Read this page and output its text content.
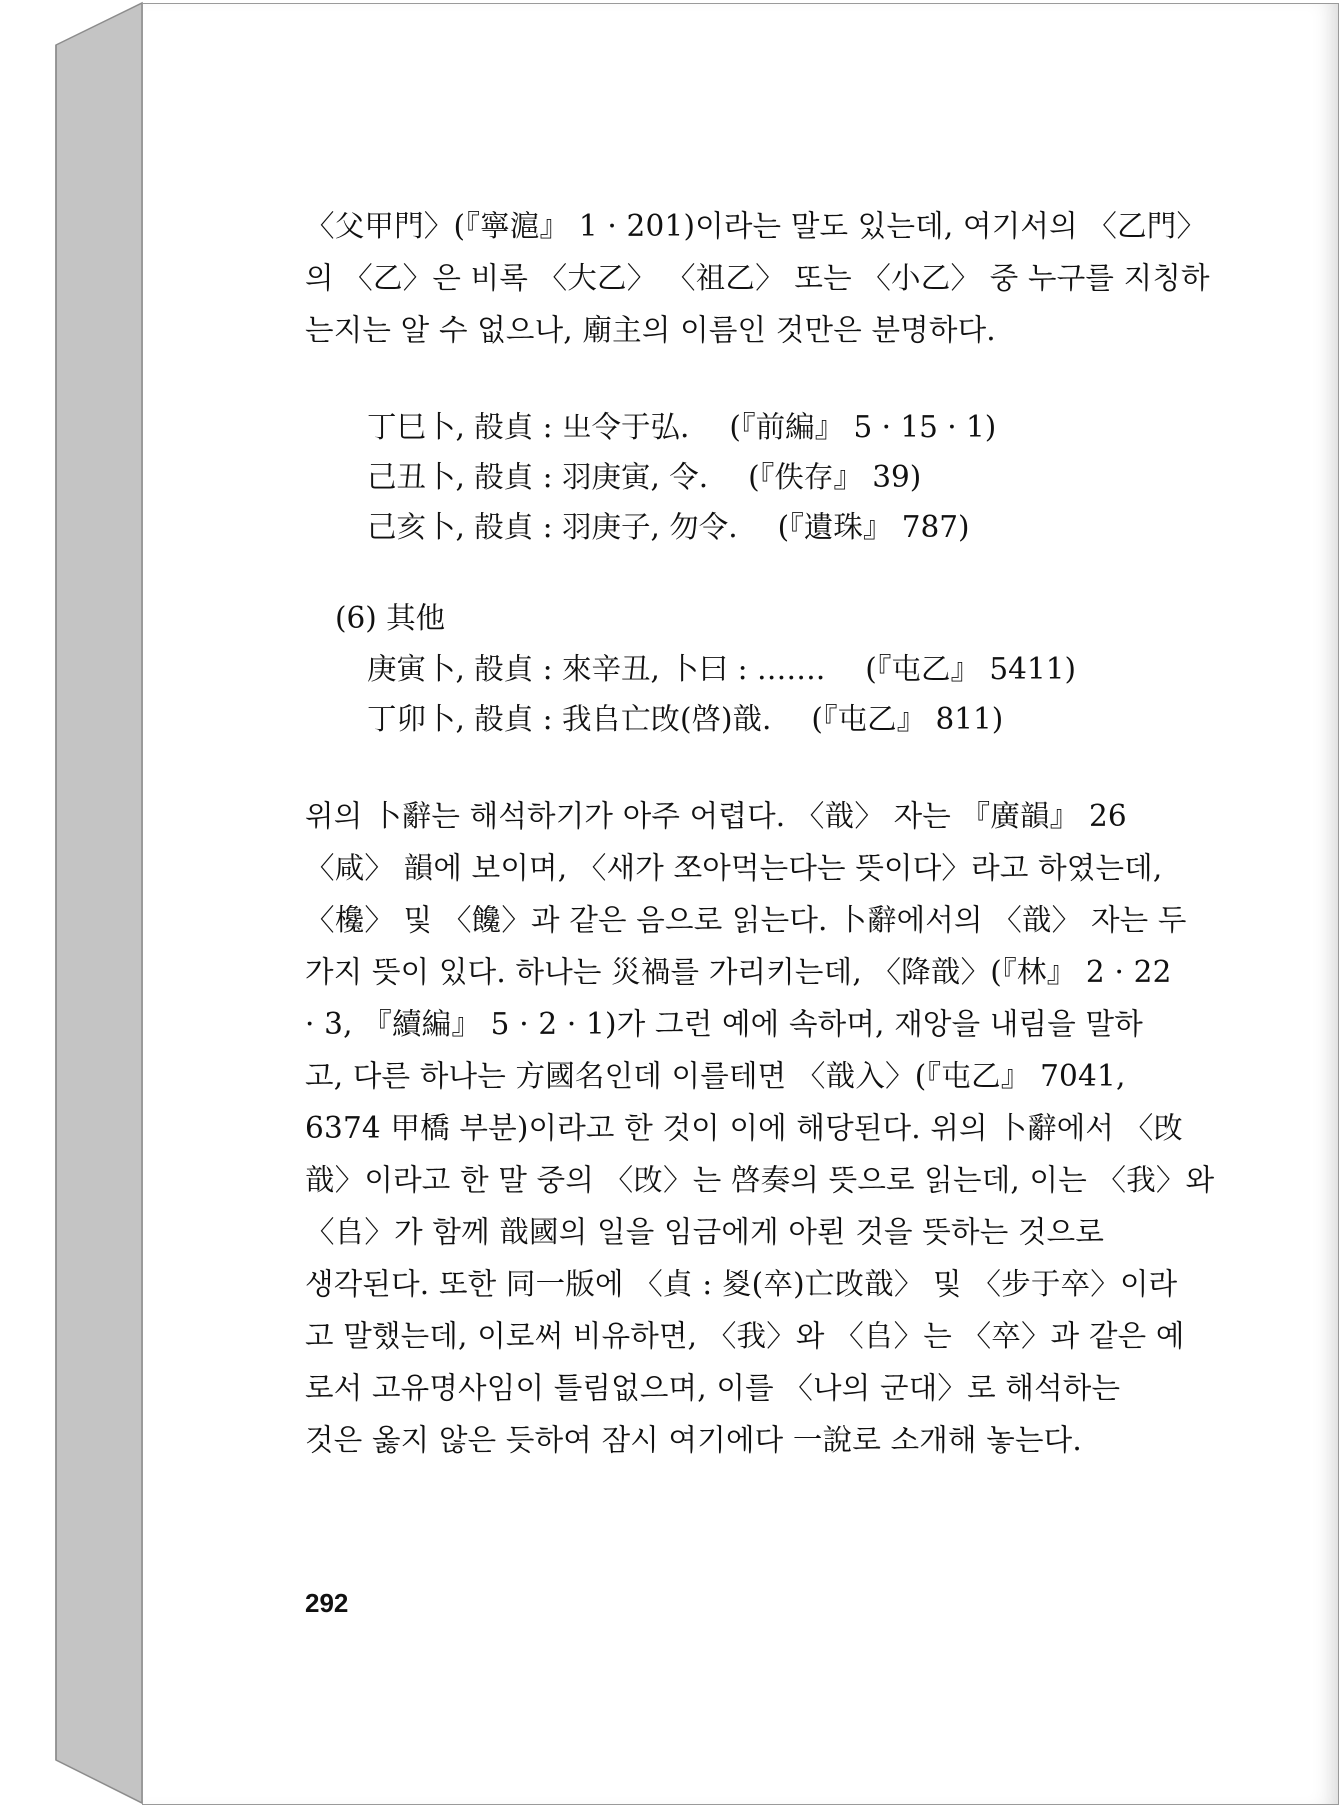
〈父甲門〉(『寧滬』 1 · 201)이라는 말도 있는데, 여기서의 〈乙門〉
의 〈乙〉은 비록 〈大乙〉 〈祖乙〉 또는 〈小乙〉 중 누구를 지칭하
는지는 알 수 없으나, 廟主의 이름인 것만은 분명하다.

丁巳卜, 㱿貞 : 㞢令于弘. (『前編』 5 · 15 · 1)
己丑卜, 㱿貞 : 羽庚寅, 令. (『佚存』 39)
己亥卜, 㱿貞 : 羽庚子, 勿令. (『遺珠』 787)
(6) 其他
庚寅卜, 㱿貞 : 來辛丑, 卜曰 : ……. (『屯乙』 5411)
丁卯卜, 㱿貞 : 我𠂤亡攺(啓)戠. (『屯乙』 811)

위의 卜辭는 해석하기가 아주 어렵다. 〈戠〉 자는 『廣韻』 26
〈咸〉 韻에 보이며, 〈새가 쪼아먹는다는 뜻이다〉라고 하였는데,
〈欃〉 및 〈饞〉과 같은 음으로 읽는다. 卜辭에서의 〈戠〉 자는 두
가지 뜻이 있다. 하나는 災禍를 가리키는데, 〈降戠〉(『林』 2 · 22
· 3, 『續編』 5 · 2 · 1)가 그런 예에 속하며, 재앙을 내림을 말하
고, 다른 하나는 方國名인데 이를테면 〈戠入〉(『屯乙』 7041,
6374 甲橋 부분)이라고 한 것이 이에 해당된다. 위의 卜辭에서 〈攺
戠〉이라고 한 말 중의 〈攺〉는 啓奏의 뜻으로 읽는데, 이는 〈我〉와
〈𠂤〉가 함께 戠國의 일을 임금에게 아뢴 것을 뜻하는 것으로
생각된다. 또한 同一版에 〈貞 : 㚇(卒)亡攺戠〉 및 〈步于卒〉이라
고 말했는데, 이로써 비유하면, 〈我〉와 〈𠂤〉는 〈卒〉과 같은 예
로서 고유명사임이 틀림없으며, 이를 〈나의 군대〉로 해석하는
것은 옳지 않은 듯하여 잠시 여기에다 一說로 소개해 놓는다.

292
